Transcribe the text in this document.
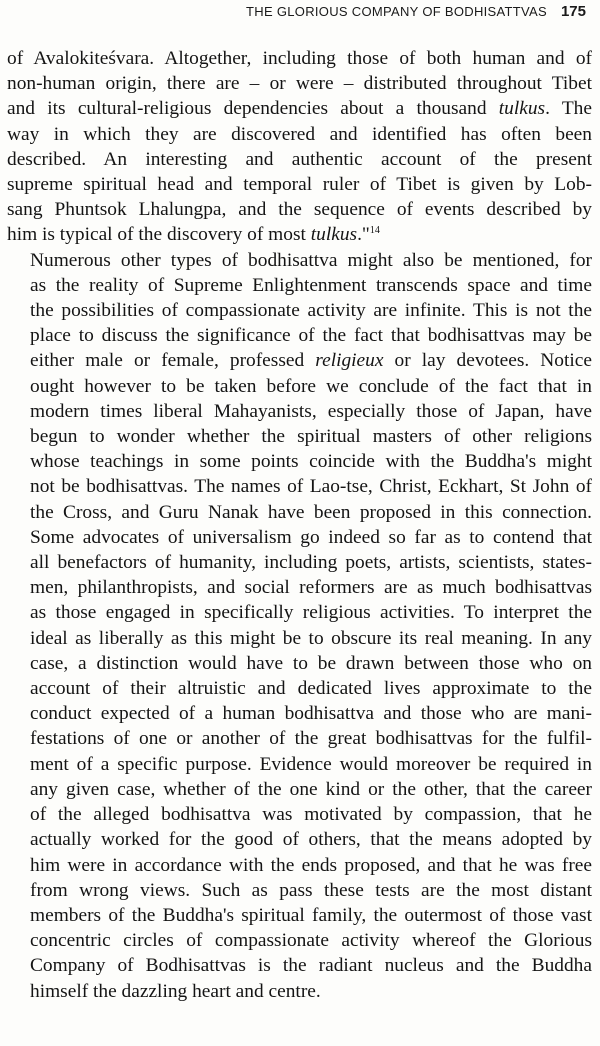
THE GLORIOUS COMPANY OF BODHISATTVAS 175

of Avalokiteśvara. Altogether, including those of both human and of
non-human origin, there are – or were – distributed throughout Tibet
and its cultural-religious dependencies about a thousand tulkus. The
way in which they are discovered and identified has often been
described. An interesting and authentic account of the present
supreme spiritual head and temporal ruler of Tibet is given by Lob-
sang Phuntsok Lhalungpa, and the sequence of events described by
him is typical of the discovery of most tulkus."$^{14}$

Numerous other types of bodhisattva might also be mentioned, for
as the reality of Supreme Enlightenment transcends space and time
the possibilities of compassionate activity are infinite. This is not the
place to discuss the significance of the fact that bodhisattvas may be
either male or female, professed religieux or lay devotees. Notice
ought however to be taken before we conclude of the fact that in
modern times liberal Mahayanists, especially those of Japan, have
begun to wonder whether the spiritual masters of other religions
whose teachings in some points coincide with the Buddha's might
not be bodhisattvas. The names of Lao-tse, Christ, Eckhart, St John of
the Cross, and Guru Nanak have been proposed in this connection.
Some advocates of universalism go indeed so far as to contend that
all benefactors of humanity, including poets, artists, scientists, states-
men, philanthropists, and social reformers are as much bodhisattvas
as those engaged in specifically religious activities. To interpret the
ideal as liberally as this might be to obscure its real meaning. In any
case, a distinction would have to be drawn between those who on
account of their altruistic and dedicated lives approximate to the
conduct expected of a human bodhisattva and those who are mani-
festations of one or another of the great bodhisattvas for the fulfil-
ment of a specific purpose. Evidence would moreover be required in
any given case, whether of the one kind or the other, that the career
of the alleged bodhisattva was motivated by compassion, that he
actually worked for the good of others, that the means adopted by
him were in accordance with the ends proposed, and that he was free
from wrong views. Such as pass these tests are the most distant
members of the Buddha's spiritual family, the outermost of those vast
concentric circles of compassionate activity whereof the Glorious
Company of Bodhisattvas is the radiant nucleus and the Buddha
himself the dazzling heart and centre.
